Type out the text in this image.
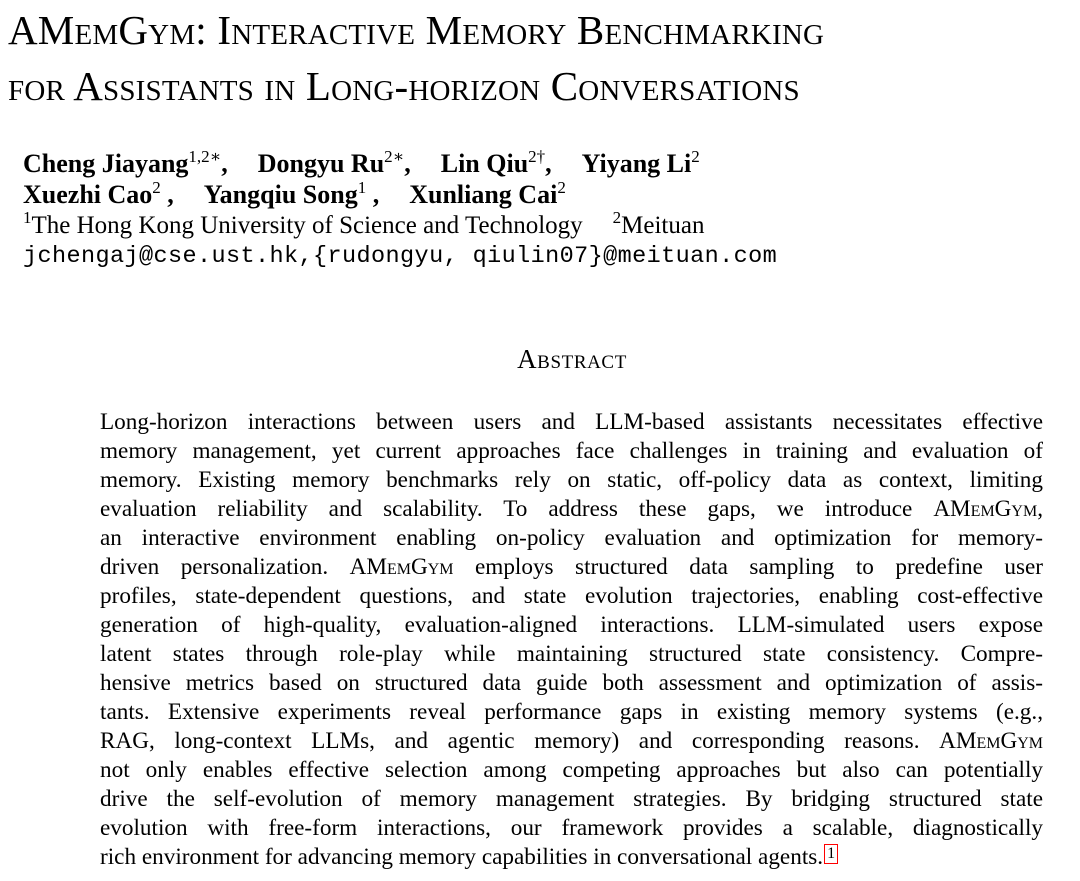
AMemGym: Interactive Memory Benchmarking
for Assistants in Long-horizon Conversations
Cheng Jiayang$^{1,2∗}$, Dongyu $Ru^{2∗}$, Lin Qiu$^{2\dagger}$, Yiyang Li$^2$
Xuezhi Cao$^2$ , Yangqiu Song$^1$ , Xunliang Cai$^2$
$^1$The Hong Kong University of Science and Technology $^2$Meituan
jchengaj@cse.ust.hk,{rudongyu, qiulin07}@meituan.com
Abstract
Long-horizon interactions between users and LLM-based assistants necessitates effective
memory management, yet current approaches face challenges in training and evaluation of
memory. Existing memory benchmarks rely on static, off-policy data as context, limiting
evaluation reliability and scalability. To address these gaps, we introduce AMemGym,
an interactive environment enabling on-policy evaluation and optimization for memory-
driven personalization. AMemGym employs structured data sampling to predefine user
profiles, state-dependent questions, and state evolution trajectories, enabling cost-effective
generation of high-quality, evaluation-aligned interactions. LLM-simulated users expose
latent states through role-play while maintaining structured state consistency. Compre-
hensive metrics based on structured data guide both assessment and optimization of assis-
tants. Extensive experiments reveal performance gaps in existing memory systems (e.g.,
RAG, long-context LLMs, and agentic memory) and corresponding reasons. AMemGym
not only enables effective selection among competing approaches but also can potentially
drive the self-evolution of memory management strategies. By bridging structured state
evolution with free-form interactions, our framework provides a scalable, diagnostically
rich environment for advancing memory capabilities in conversational agents. 1
